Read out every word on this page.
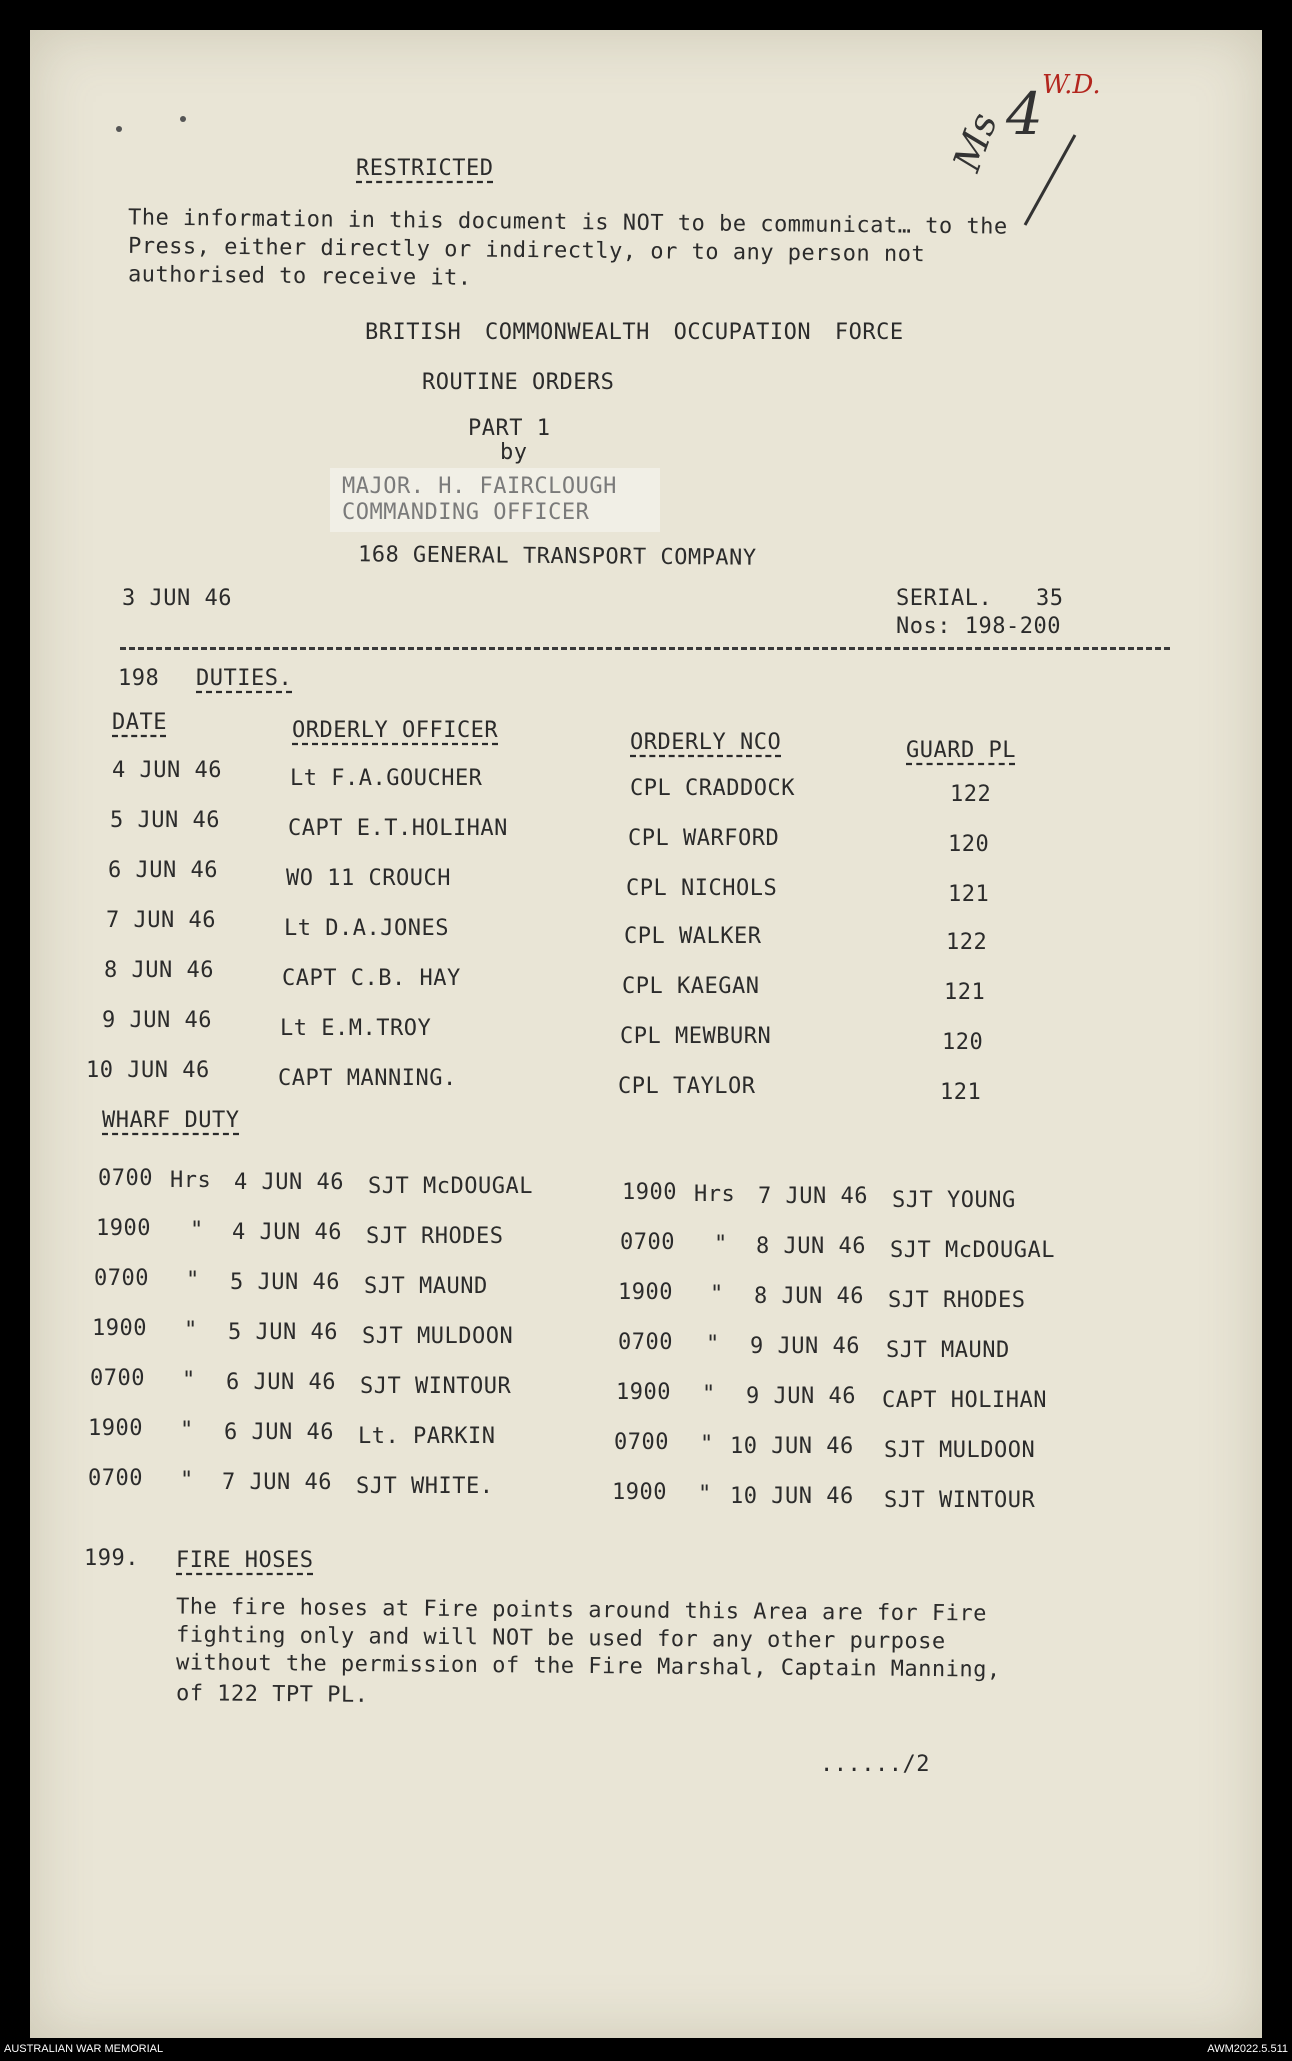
Ms 4 W.D.
RESTRICTED
The information in this document is NOT to be communicat… to the
Press, either directly or indirectly, or to any person not
authorised to receive it.
BRITISH COMMONWEALTH OCCUPATION FORCE
ROUTINE ORDERS
PART 1
by
MAJOR. H. FAIRCLOUGH
COMMANDING OFFICER
168 GENERAL TRANSPORT COMPANY
3 JUN 46	SERIAL. 35
Nos: 198-200
198 DUTIES.
DATE	ORDERLY OFFICER	ORDERLY NCO	GUARD PL
4 JUN 46	Lt F.A.GOUCHER	CPL CRADDOCK	122
5 JUN 46	CAPT E.T.HOLIHAN	CPL WARFORD	120
6 JUN 46	WO 11 CROUCH	CPL NICHOLS	121
7 JUN 46	Lt D.A.JONES	CPL WALKER	122
8 JUN 46	CAPT C.B. HAY	CPL KAEGAN	121
9 JUN 46	Lt E.M.TROY	CPL MEWBURN	120
10 JUN 46	CAPT MANNING.	CPL TAYLOR	121
WHARF DUTY
0700 Hrs 4 JUN 46 SJT McDOUGAL
1900 " 4 JUN 46 SJT RHODES
0700 " 5 JUN 46 SJT MAUND
1900 " 5 JUN 46 SJT MULDOON
0700 " 6 JUN 46 SJT WINTOUR
1900 " 6 JUN 46 Lt. PARKIN
0700 " 7 JUN 46 SJT WHITE.
1900 Hrs 7 JUN 46 SJT YOUNG
0700 " 8 JUN 46 SJT McDOUGAL
1900 " 8 JUN 46 SJT RHODES
0700 " 9 JUN 46 SJT MAUND
1900 " 9 JUN 46 CAPT HOLIHAN
0700 " 10 JUN 46 SJT MULDOON
1900 " 10 JUN 46 SJT WINTOUR
199. FIRE HOSES
The fire hoses at Fire points around this Area are for Fire
fighting only and will NOT be used for any other purpose
without the permission of the Fire Marshal, Captain Manning,
of 122 TPT PL.
....../2
AUSTRALIAN WAR MEMORIAL	AWM2022.5.511
